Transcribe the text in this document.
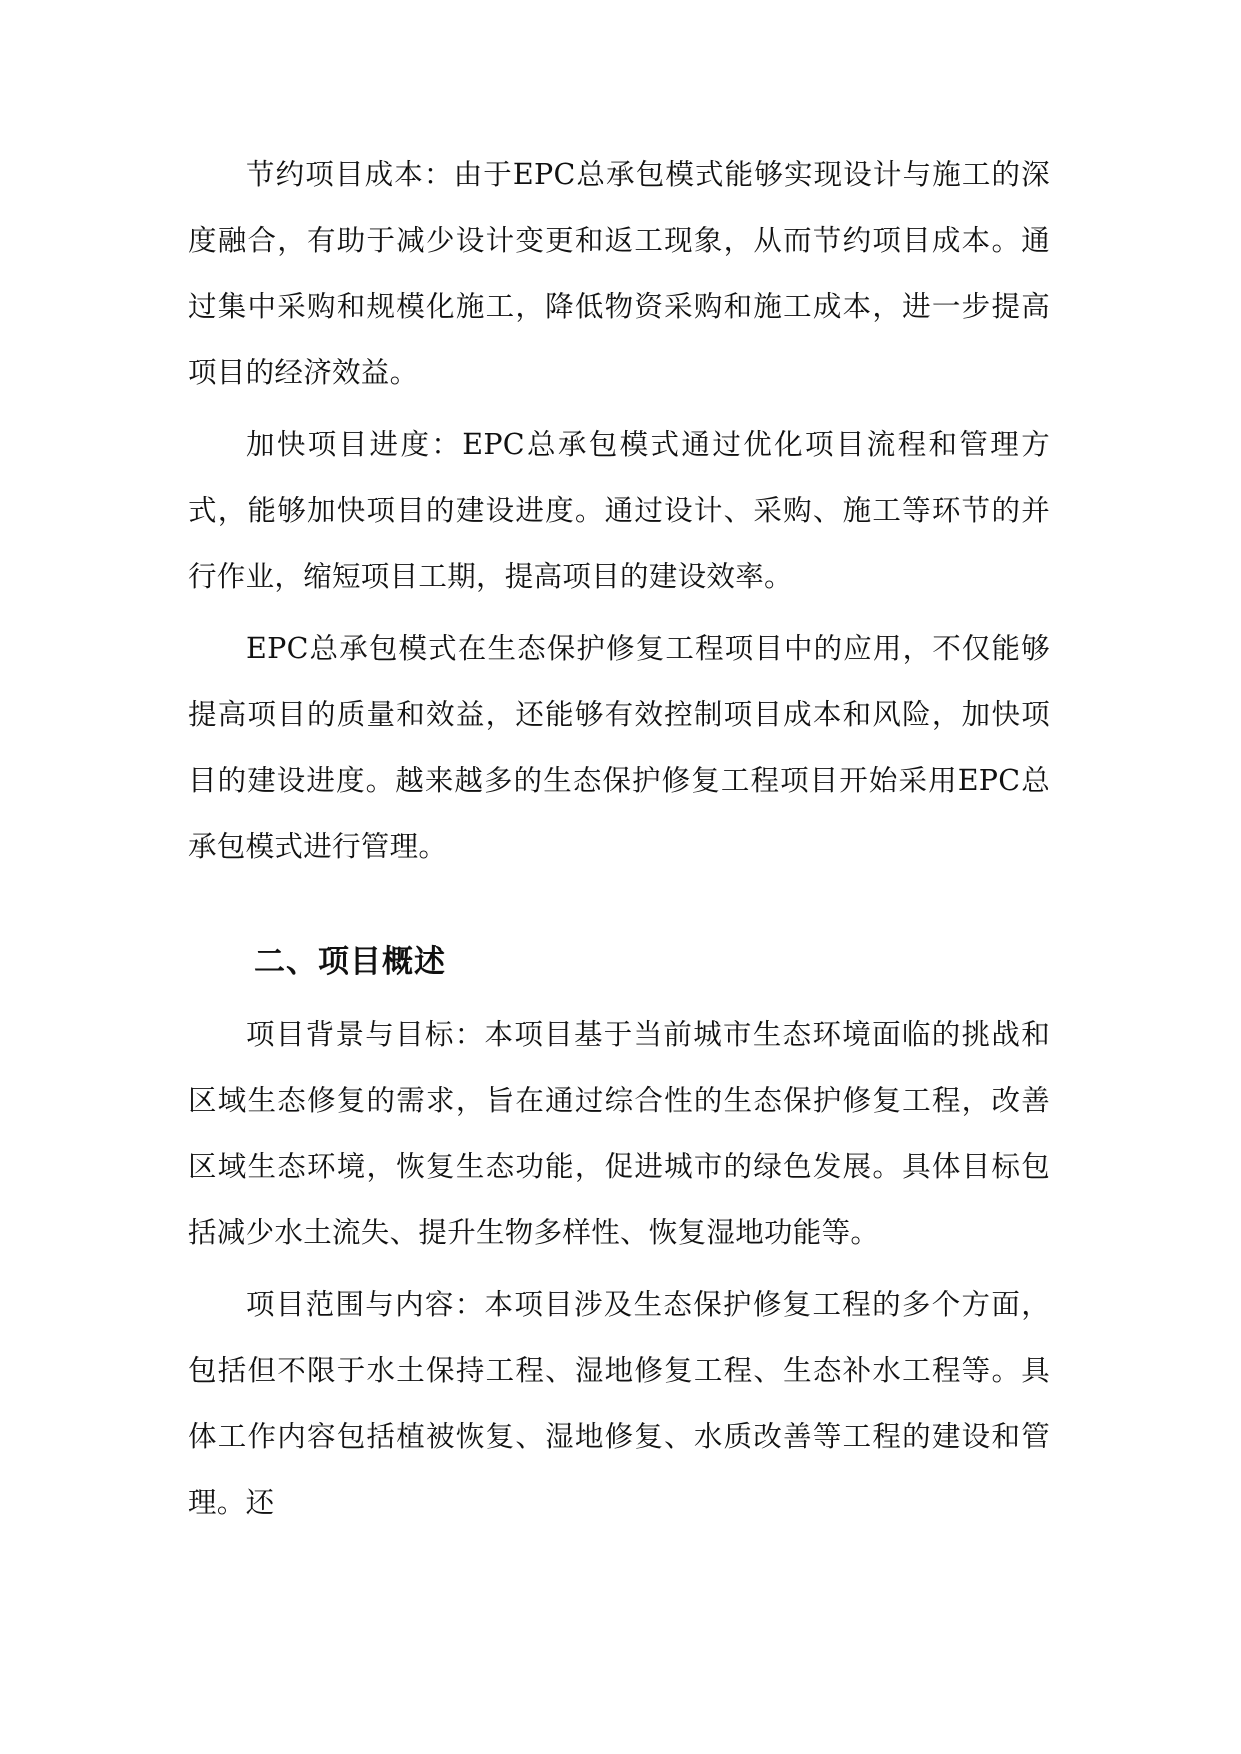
节约项目成本：由于EPC总承包模式能够实现设计与施工的深度融合，有助于减少设计变更和返工现象，从而节约项目成本。通过集中采购和规模化施工，降低物资采购和施工成本，进一步提高项目的经济效益。

加快项目进度：EPC总承包模式通过优化项目流程和管理方式，能够加快项目的建设进度。通过设计、采购、施工等环节的并行作业，缩短项目工期，提高项目的建设效率。

EPC总承包模式在生态保护修复工程项目中的应用，不仅能够提高项目的质量和效益，还能够有效控制项目成本和风险，加快项目的建设进度。越来越多的生态保护修复工程项目开始采用EPC总承包模式进行管理。

二、项目概述

项目背景与目标：本项目基于当前城市生态环境面临的挑战和区域生态修复的需求，旨在通过综合性的生态保护修复工程，改善区域生态环境，恢复生态功能，促进城市的绿色发展。具体目标包括减少水土流失、提升生物多样性、恢复湿地功能等。

项目范围与内容：本项目涉及生态保护修复工程的多个方面，包括但不限于水土保持工程、湿地修复工程、生态补水工程等。具体工作内容包括植被恢复、湿地修复、水质改善等工程的建设和管理。还
